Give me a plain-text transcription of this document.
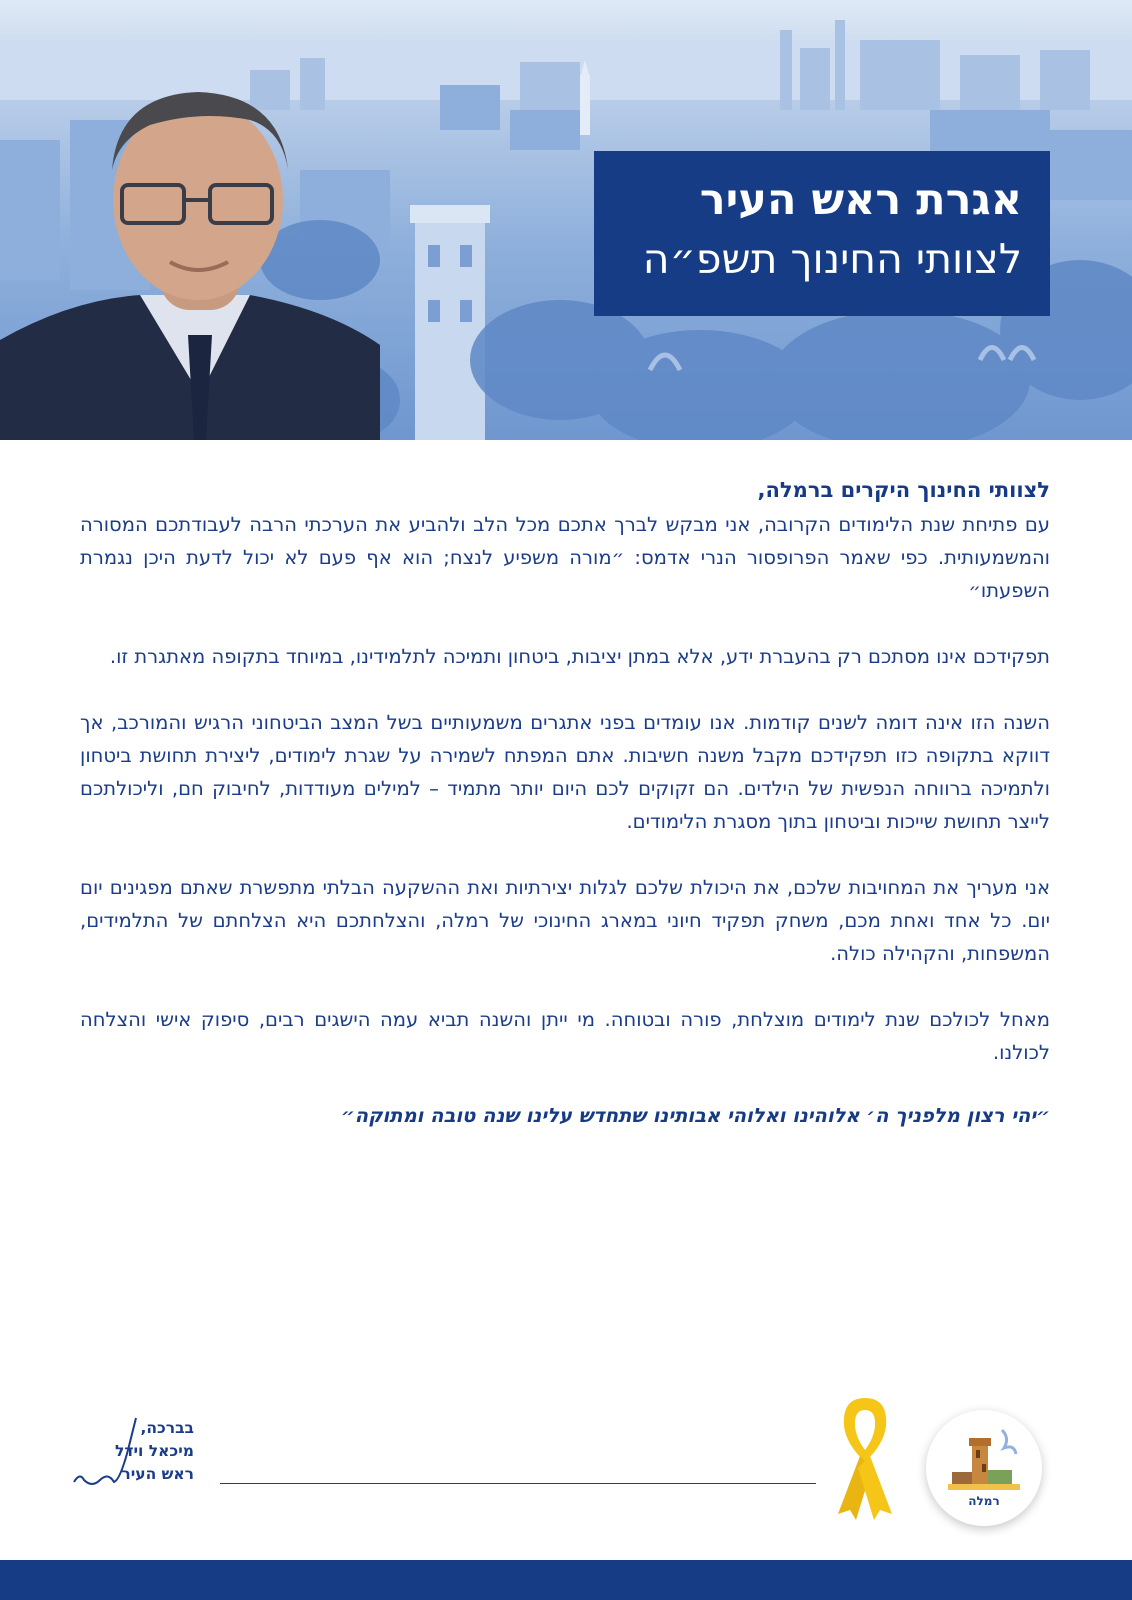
אגרת ראש העיר
לצוותי החינוך תשפ״ה
לצוותי החינוך היקרים ברמלה,

עם פתיחת שנת הלימודים הקרובה, אני מבקש לברך אתכם מכל הלב ולהביע את הערכתי הרבה לעבודתכם המסורה והמשמעותית. כפי שאמר הפרופסור הנרי אדמס: ״מורה משפיע לנצח; הוא אף פעם לא יכול לדעת היכן נגמרת השפעתו״

תפקידכם אינו מסתכם רק בהעברת ידע, אלא במתן יציבות, ביטחון ותמיכה לתלמידינו, במיוחד בתקופה מאתגרת זו.

השנה הזו אינה דומה לשנים קודמות. אנו עומדים בפני אתגרים משמעותיים בשל המצב הביטחוני הרגיש והמורכב, אך דווקא בתקופה כזו תפקידכם מקבל משנה חשיבות. אתם המפתח לשמירה על שגרת לימודים, ליצירת תחושת ביטחון ולתמיכה ברווחה הנפשית של הילדים. הם זקוקים לכם היום יותר מתמיד – למילים מעודדות, לחיבוק חם, וליכולתכם לייצר תחושת שייכות וביטחון בתוך מסגרת הלימודים.

אני מעריך את המחויבות שלכם, את היכולת שלכם לגלות יצירתיות ואת ההשקעה הבלתי מתפשרת שאתם מפגינים יום יום. כל אחד ואחת מכם, משחק תפקיד חיוני במארג החינוכי של רמלה, והצלחתכם היא הצלחתם של התלמידים, המשפחות, והקהילה כולה.

מאחל לכולכם שנת לימודים מוצלחת, פורה ובטוחה. מי ייתן והשנה תביא עמה הישגים רבים, סיפוק אישי והצלחה לכולנו.

״יהי רצון מלפניך ה׳ אלוהינו ואלוהי אבותינו שתחדש עלינו שנה טובה ומתוקה״

בברכה,
מיכאל וידל
ראש העיר
רמלה
